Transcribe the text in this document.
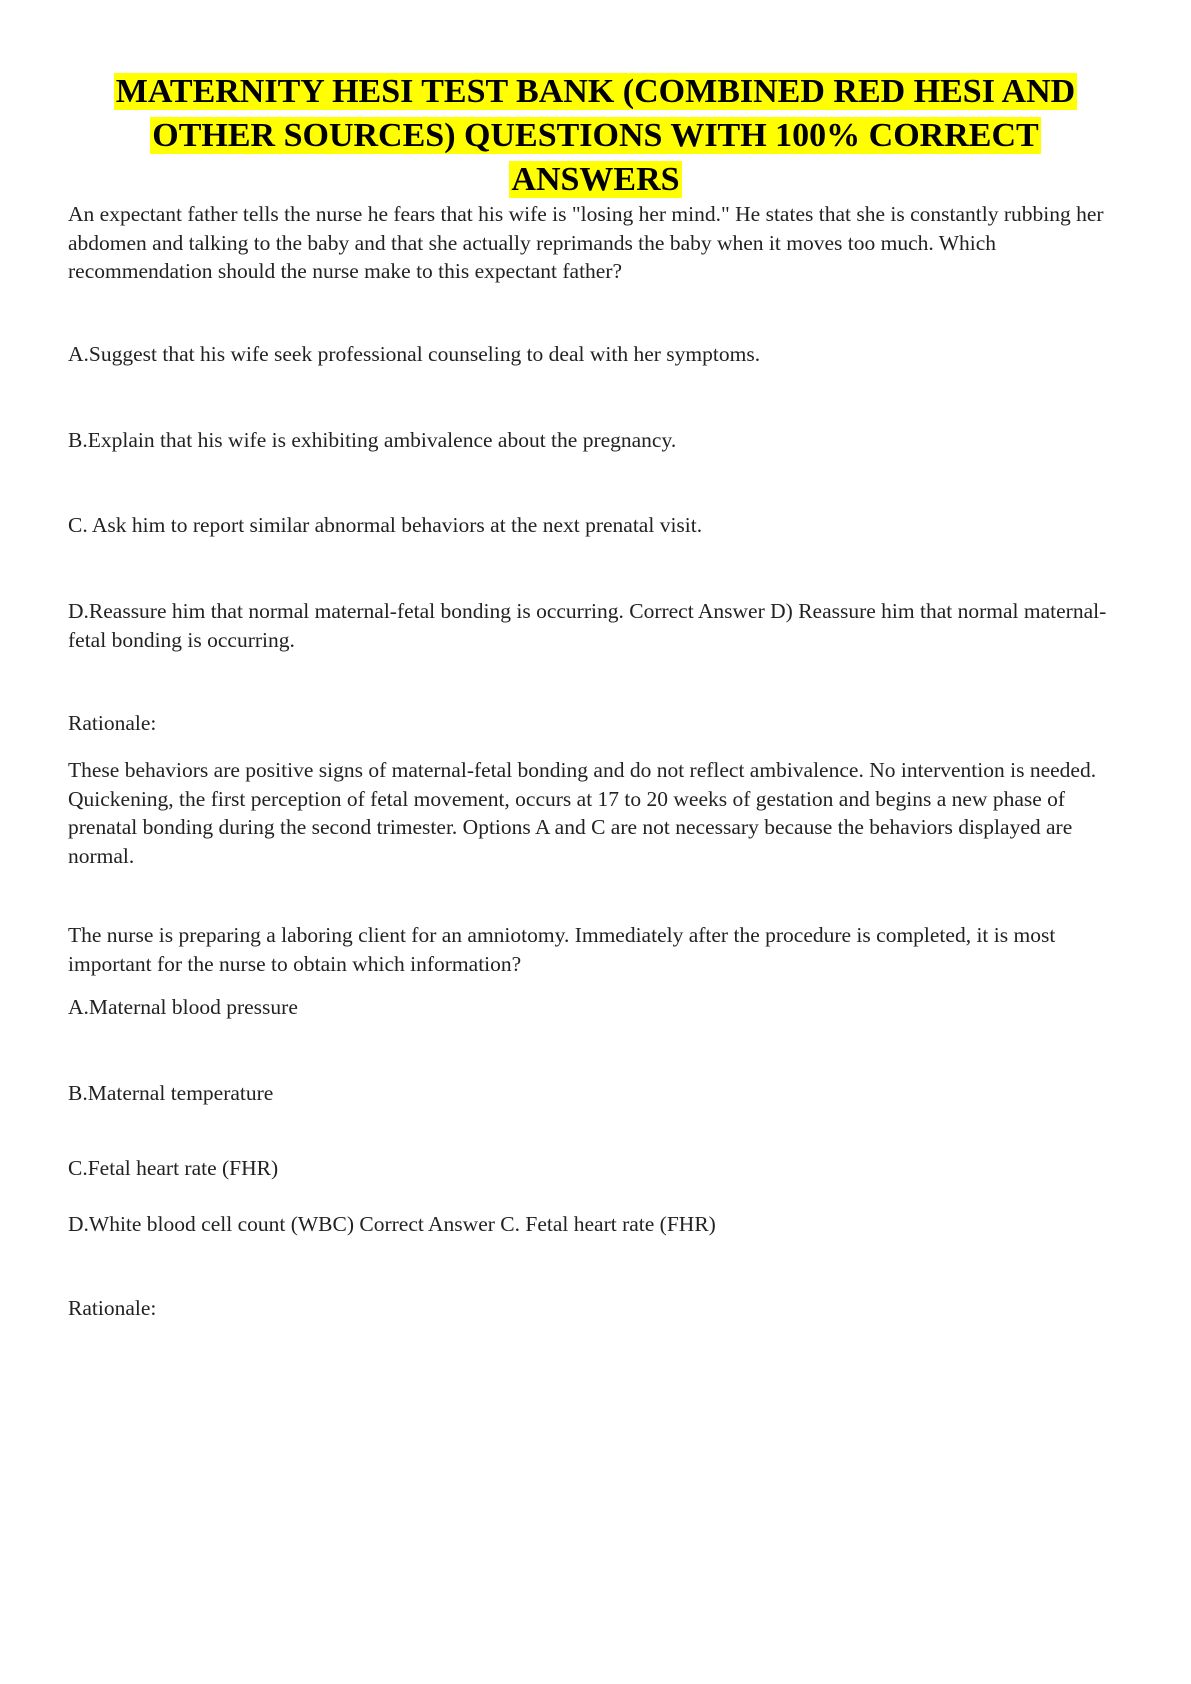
MATERNITY HESI TEST BANK (COMBINED RED HESI AND
OTHER SOURCES) QUESTIONS WITH 100% CORRECT
ANSWERS

An expectant father tells the nurse he fears that his wife is "losing her mind." He states that she is constantly rubbing her abdomen and talking to the baby and that she actually reprimands the baby when it moves too much. Which recommendation should the nurse make to this expectant father?

A.Suggest that his wife seek professional counseling to deal with her symptoms.

B.Explain that his wife is exhibiting ambivalence about the pregnancy.

C. Ask him to report similar abnormal behaviors at the next prenatal visit.

D.Reassure him that normal maternal-fetal bonding is occurring. Correct Answer D) Reassure him that normal maternal-fetal bonding is occurring.

Rationale:

These behaviors are positive signs of maternal-fetal bonding and do not reflect ambivalence. No intervention is needed. Quickening, the first perception of fetal movement, occurs at 17 to 20 weeks of gestation and begins a new phase of prenatal bonding during the second trimester. Options A and C are not necessary because the behaviors displayed are normal.

The nurse is preparing a laboring client for an amniotomy. Immediately after the procedure is completed, it is most important for the nurse to obtain which information?

A.Maternal blood pressure

B.Maternal temperature

C.Fetal heart rate (FHR)

D.White blood cell count (WBC) Correct Answer C. Fetal heart rate (FHR)

Rationale:
